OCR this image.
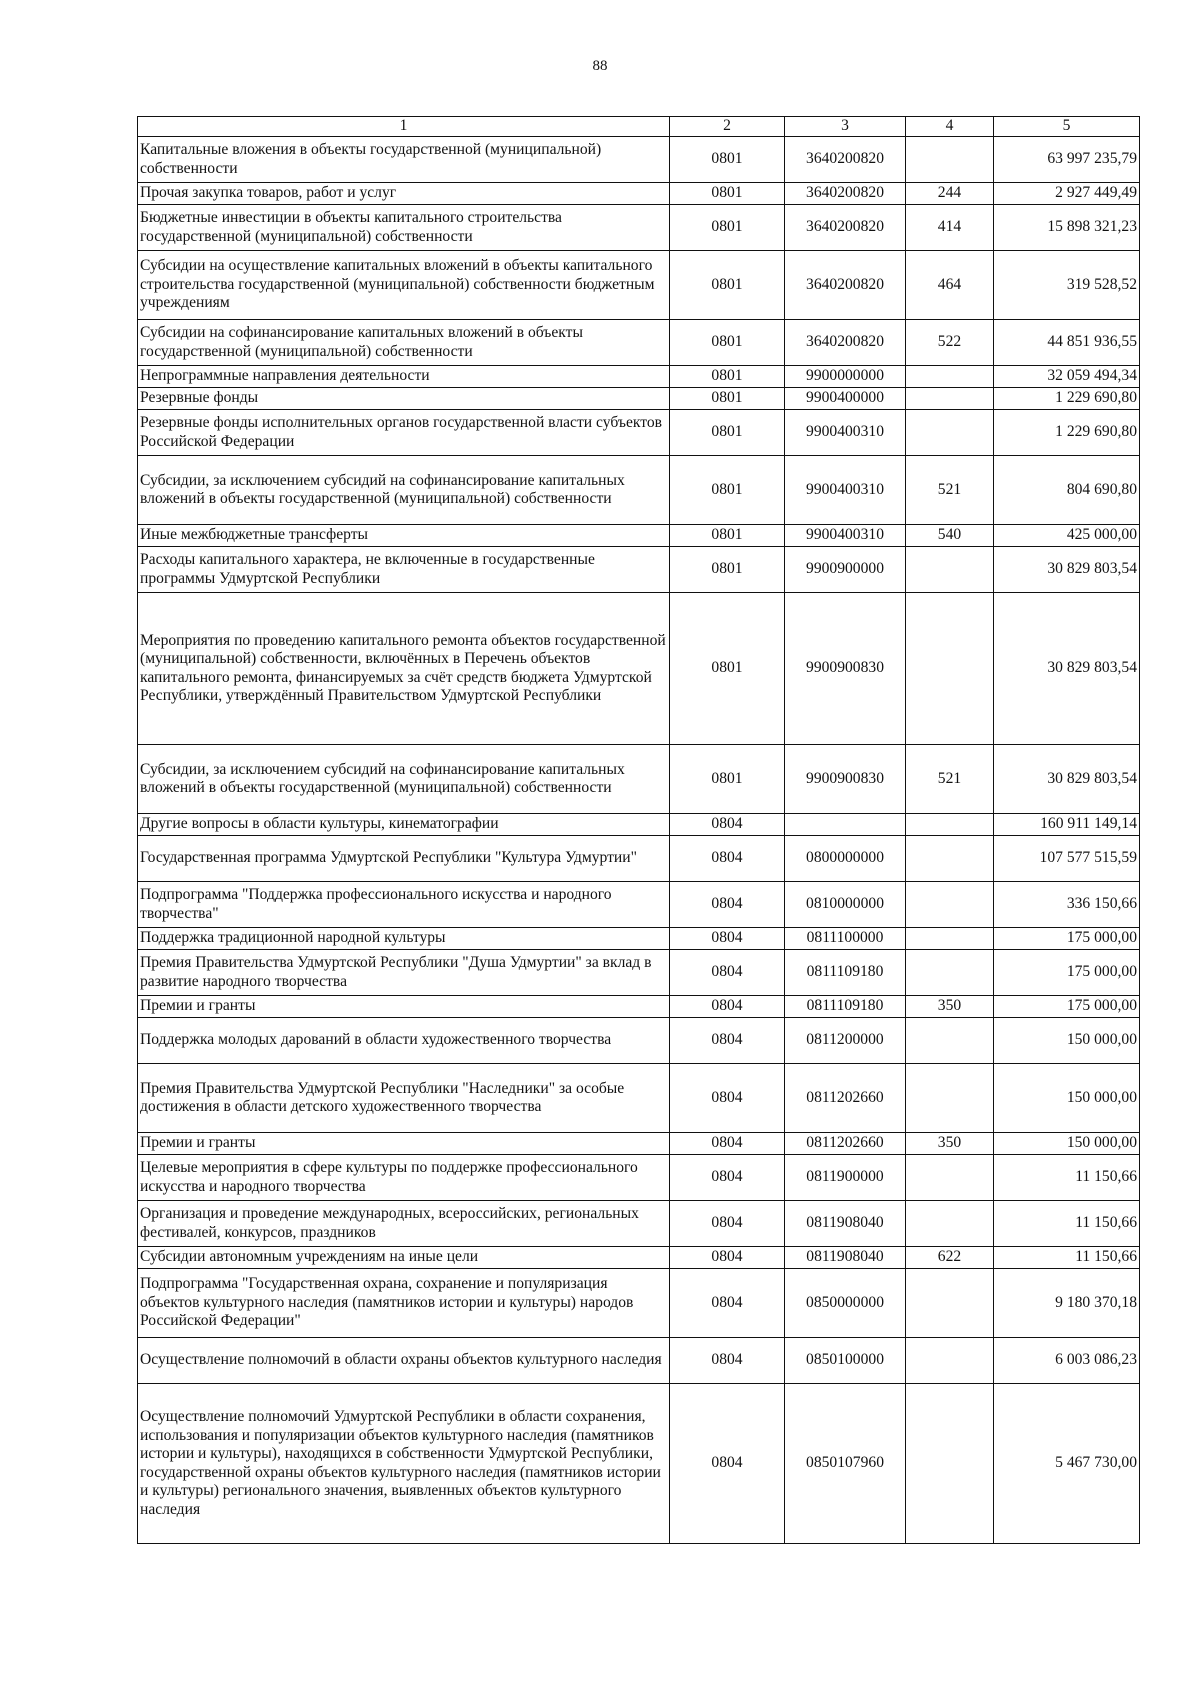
88
1	2	3	4	5
Капитальные вложения в объекты государственной (муниципальной) собственности	0801	3640200820		63 997 235,79
Прочая закупка товаров, работ и услуг	0801	3640200820	244	2 927 449,49
Бюджетные инвестиции в объекты капитального строительства государственной (муниципальной) собственности	0801	3640200820	414	15 898 321,23
Субсидии на осуществление капитальных вложений в объекты капитального строительства государственной (муниципальной) собственности бюджетным учреждениям	0801	3640200820	464	319 528,52
Субсидии на софинансирование капитальных вложений в объекты государственной (муниципальной) собственности	0801	3640200820	522	44 851 936,55
Непрограммные направления деятельности	0801	9900000000		32 059 494,34
Резервные фонды	0801	9900400000		1 229 690,80
Резервные фонды исполнительных органов государственной власти субъектов Российской Федерации	0801	9900400310		1 229 690,80
Субсидии, за исключением субсидий на софинансирование капитальных вложений в объекты государственной (муниципальной) собственности	0801	9900400310	521	804 690,80
Иные межбюджетные трансферты	0801	9900400310	540	425 000,00
Расходы капитального характера, не включенные в государственные программы Удмуртской Республики	0801	9900900000		30 829 803,54
Мероприятия по проведению капитального ремонта объектов государственной (муниципальной) собственности, включённых в Перечень объектов капитального ремонта, финансируемых за счёт средств бюджета Удмуртской Республики, утверждённый Правительством Удмуртской Республики	0801	9900900830		30 829 803,54
Субсидии, за исключением субсидий на софинансирование капитальных вложений в объекты государственной (муниципальной) собственности	0801	9900900830	521	30 829 803,54
Другие вопросы в области культуры, кинематографии	0804			160 911 149,14
Государственная программа Удмуртской Республики "Культура Удмуртии"	0804	0800000000		107 577 515,59
Подпрограмма "Поддержка профессионального искусства и народного творчества"	0804	0810000000		336 150,66
Поддержка традиционной народной культуры	0804	0811100000		175 000,00
Премия Правительства Удмуртской Республики "Душа Удмуртии" за вклад в развитие народного творчества	0804	0811109180		175 000,00
Премии и гранты	0804	0811109180	350	175 000,00
Поддержка молодых дарований в области художественного творчества	0804	0811200000		150 000,00
Премия Правительства Удмуртской Республики "Наследники" за особые достижения в области детского художественного творчества	0804	0811202660		150 000,00
Премии и гранты	0804	0811202660	350	150 000,00
Целевые мероприятия в сфере культуры по поддержке профессионального искусства и народного творчества	0804	0811900000		11 150,66
Организация и проведение международных, всероссийских, региональных фестивалей, конкурсов, праздников	0804	0811908040		11 150,66
Субсидии автономным учреждениям на иные цели	0804	0811908040	622	11 150,66
Подпрограмма "Государственная охрана, сохранение и популяризация объектов культурного наследия (памятников истории и культуры) народов Российской Федерации"	0804	0850000000		9 180 370,18
Осуществление полномочий в области охраны объектов культурного наследия	0804	0850100000		6 003 086,23
Осуществление полномочий Удмуртской Республики в области сохранения, использования и популяризации объектов культурного наследия (памятников истории и культуры), находящихся в собственности Удмуртской Республики, государственной охраны объектов культурного наследия (памятников истории и культуры) регионального значения, выявленных объектов культурного наследия	0804	0850107960		5 467 730,00
